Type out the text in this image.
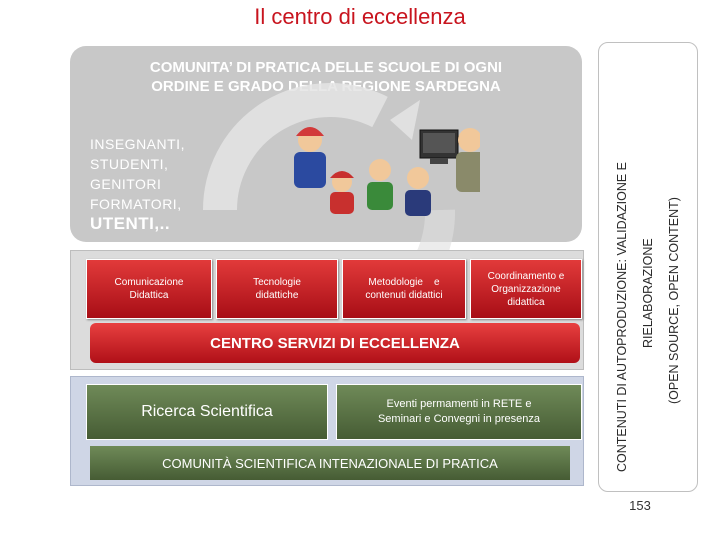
Il centro di eccellenza
COMUNITA’ DI PRATICA DELLE SCUOLE DI OGNI
ORDINE E GRADO DELLA REGIONE SARDEGNA
INSEGNANTI,
STUDENTI,
GENITORI
FORMATORI,
UTENTI,..
Comunicazione
Didattica
Tecnologie
didattiche
Metodologie    e
contenuti didattici
Coordinamento e
Organizzazione
didattica
CENTRO SERVIZI DI ECCELLENZA
Ricerca Scientifica	Eventi permamenti in RETE e
Seminari e Convegni in presenza
COMUNITÀ SCIENTIFICA INTENAZIONALE DI PRATICA	CONTENUTI DI AUTOPRODUZIONE: VALIDAZIONE E RIELABORAZIONE (OPEN SOURCE, OPEN CONTENT)
153
